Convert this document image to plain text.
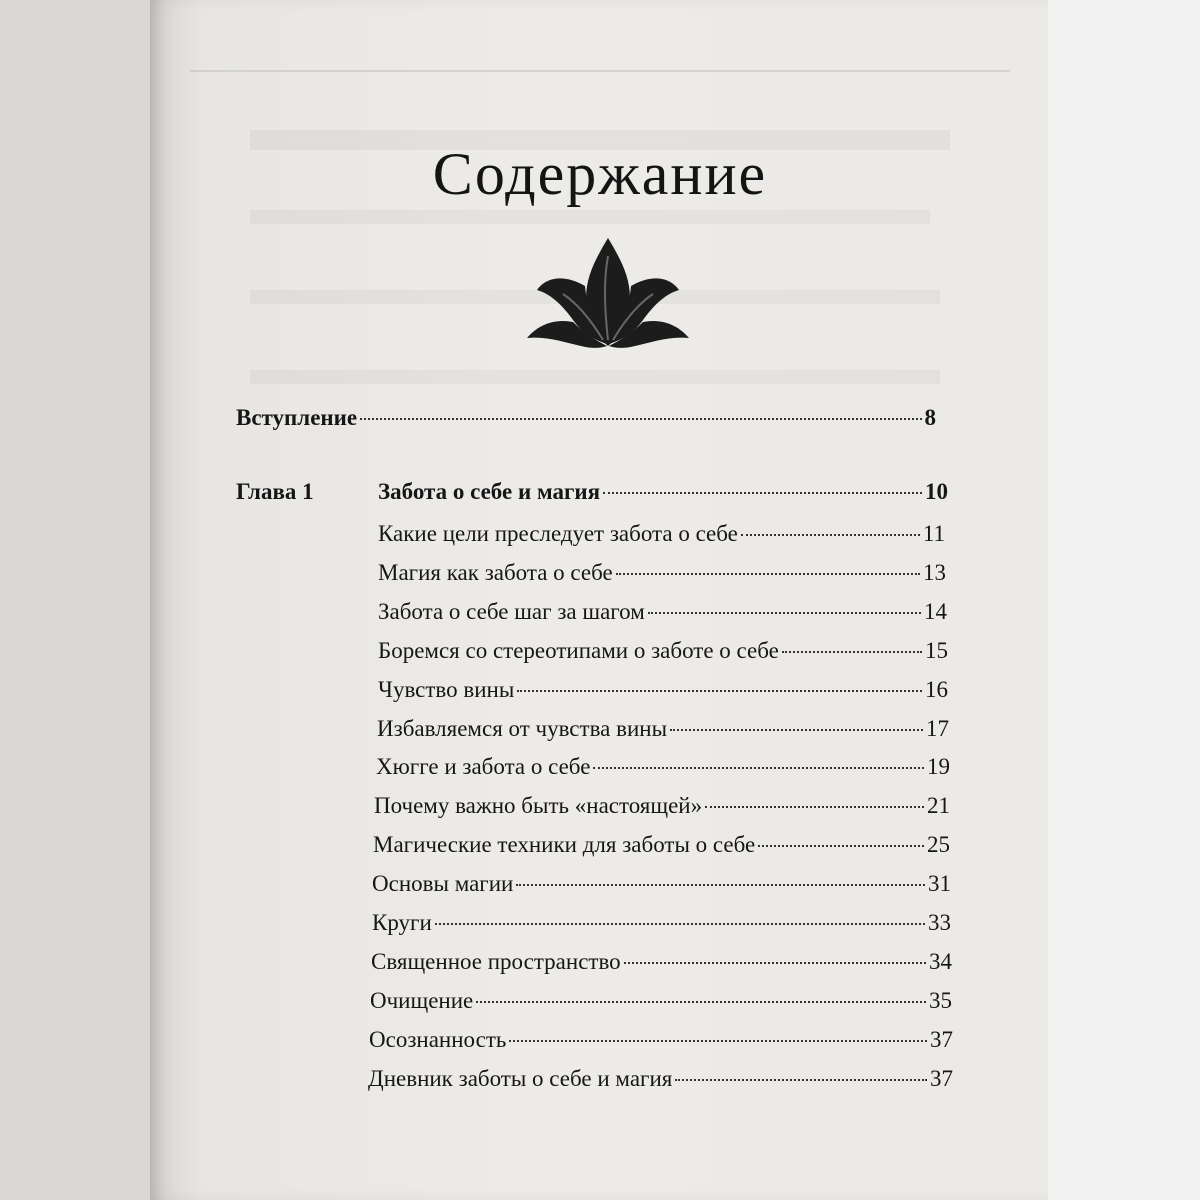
Содержание
Вступление	8
Глава 1	Забота о себе и магия	10
Какие цели преследует забота о себе	11
Магия как забота о себе	13
Забота о себе шаг за шагом	14
Боремся со стереотипами о заботе о себе	15
Чувство вины	16
Избавляемся от чувства вины	17
Хюгге и забота о себе	19
Почему важно быть «настоящей»	21
Магические техники для заботы о себе	25
Основы магии	31
Круги	33
Священное пространство	34
Очищение	35
Осознанность	37
Дневник заботы о себе и магия	37
